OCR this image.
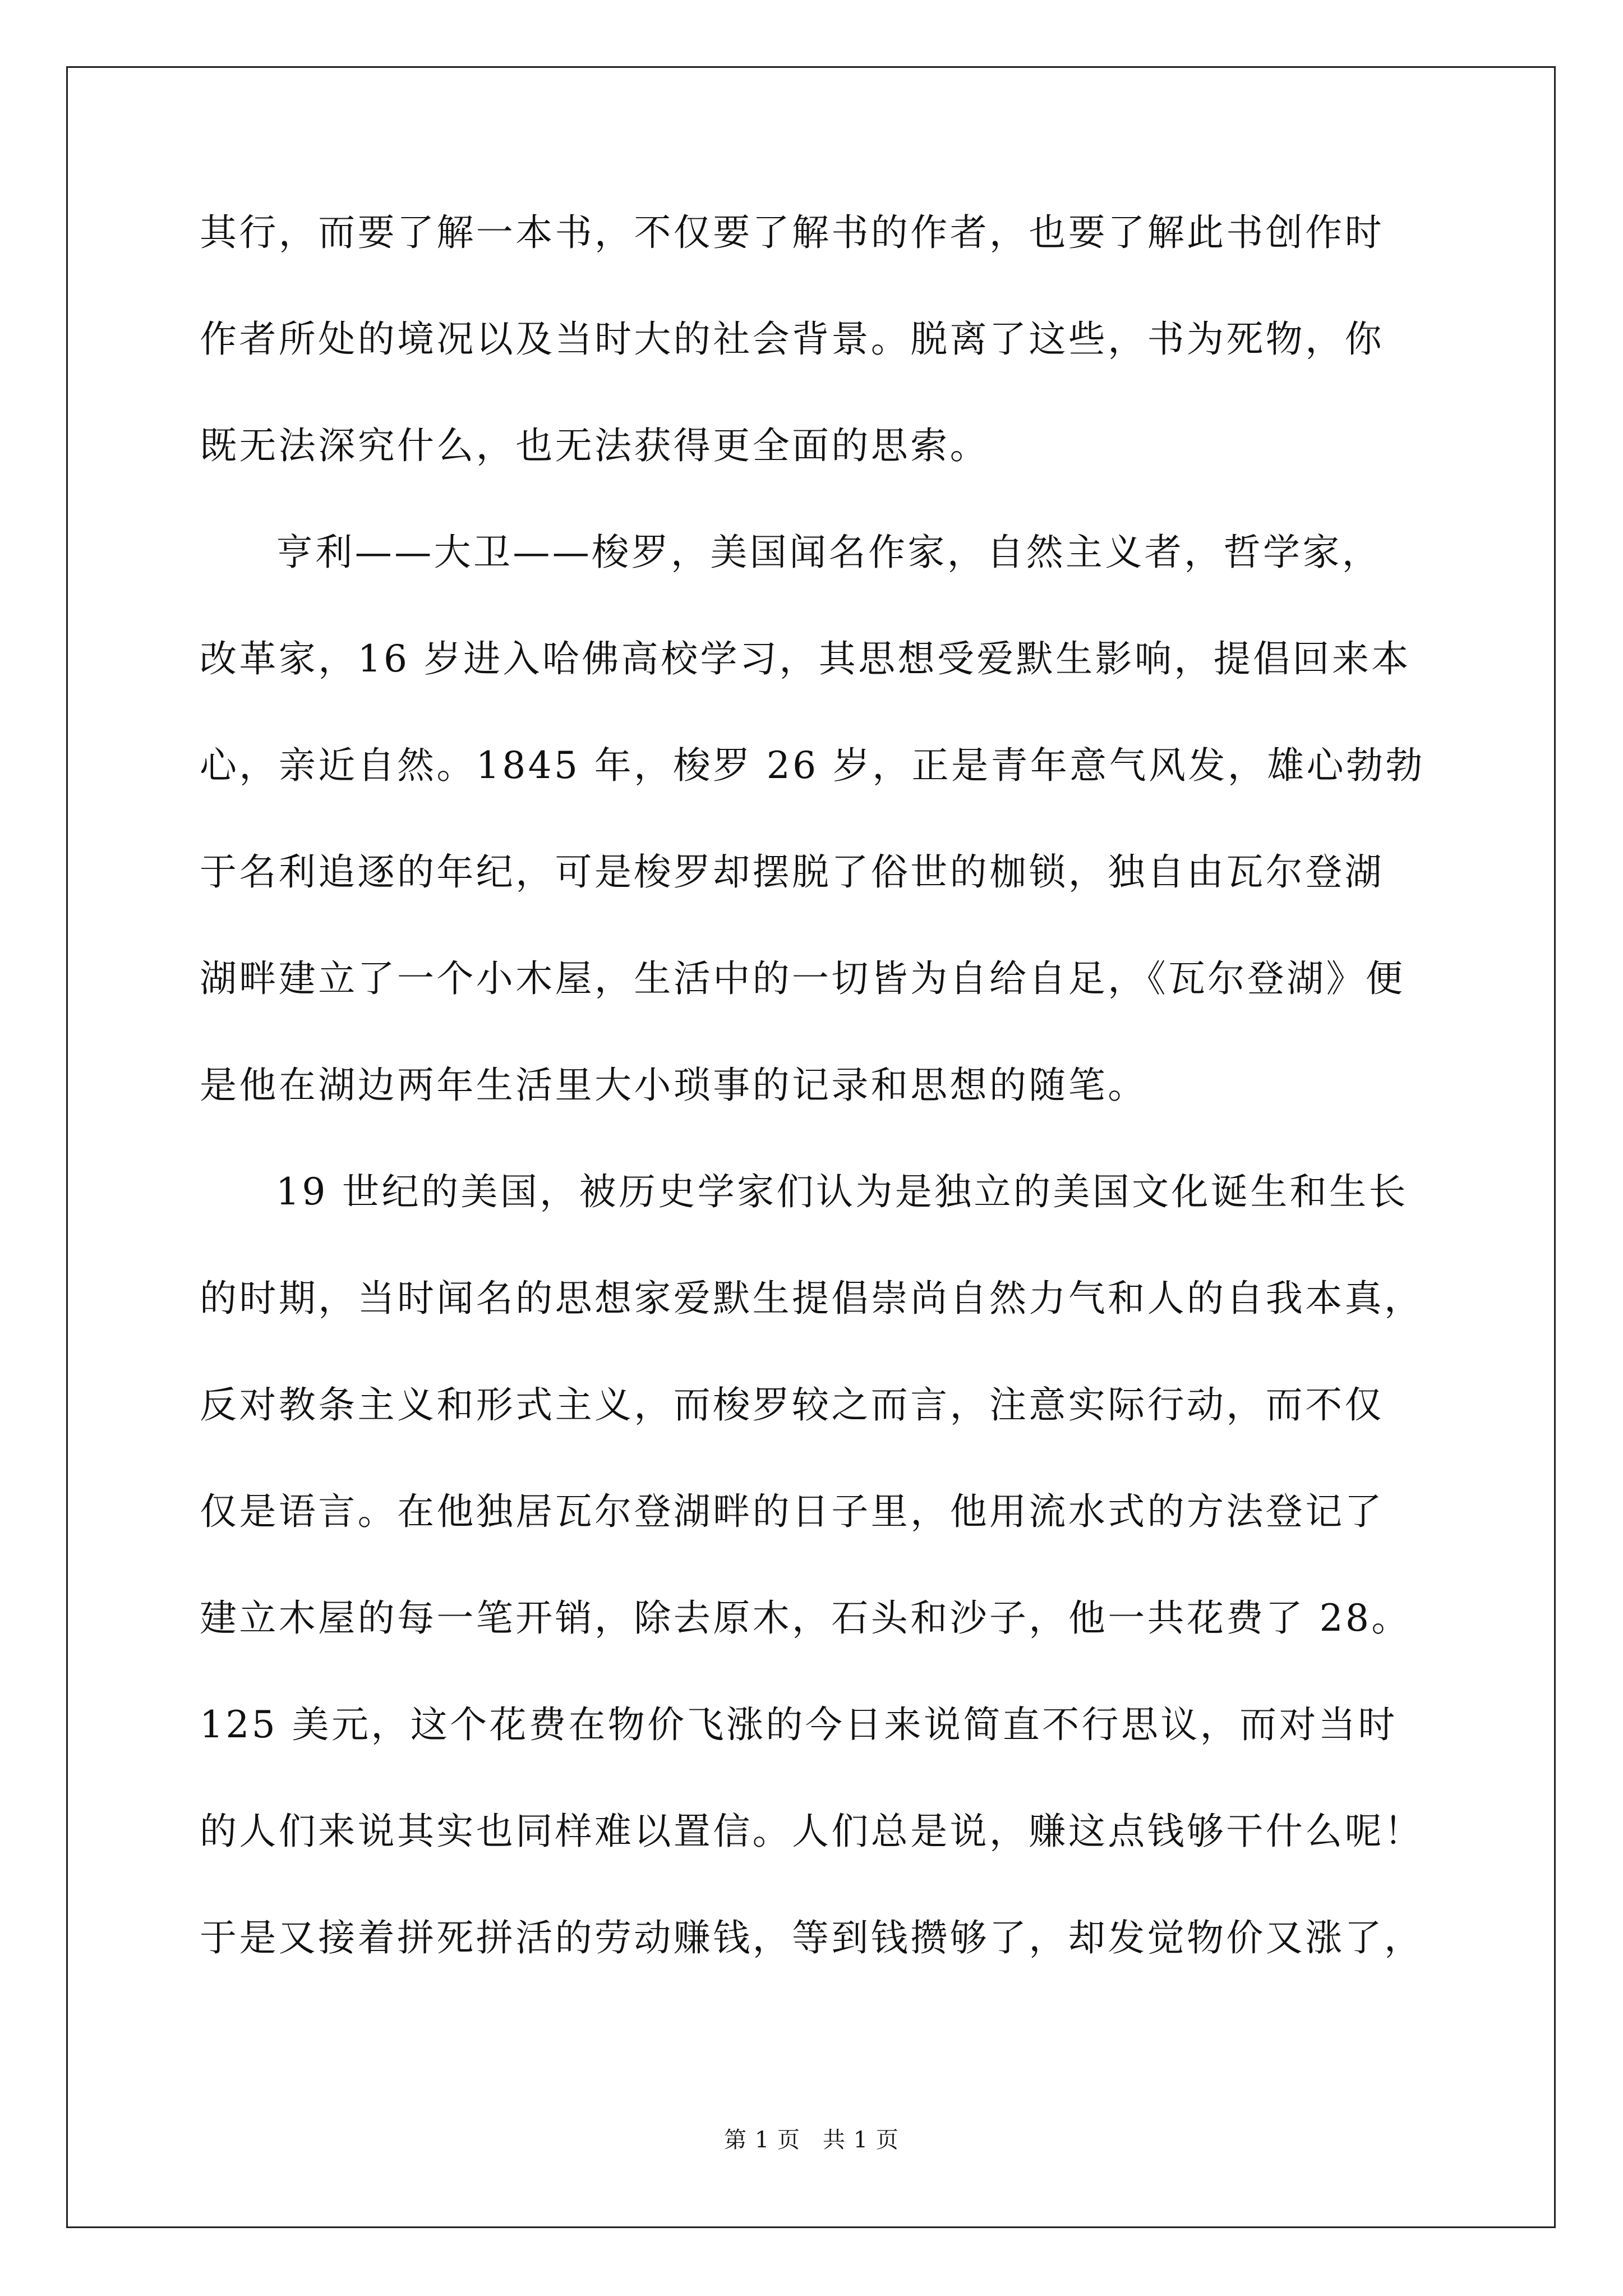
其行，而要了解一本书，不仅要了解书的作者，也要了解此书创作时
作者所处的境况以及当时大的社会背景。脱离了这些，书为死物，你
既无法深究什么，也无法获得更全面的思索。
亨利——大卫——梭罗，美国闻名作家，自然主义者，哲学家，
改革家，16 岁进入哈佛高校学习，其思想受爱默生影响，提倡回来本
心，亲近自然。1845 年，梭罗 26 岁，正是青年意气风发，雄心勃勃
于名利追逐的年纪，可是梭罗却摆脱了俗世的枷锁，独自由瓦尔登湖
湖畔建立了一个小木屋，生活中的一切皆为自给自足，《瓦尔登湖》便
是他在湖边两年生活里大小琐事的记录和思想的随笔。
19 世纪的美国，被历史学家们认为是独立的美国文化诞生和生长
的时期，当时闻名的思想家爱默生提倡崇尚自然力气和人的自我本真，
反对教条主义和形式主义，而梭罗较之而言，注意实际行动，而不仅
仅是语言。在他独居瓦尔登湖畔的日子里，他用流水式的方法登记了
建立木屋的每一笔开销，除去原木，石头和沙子，他一共花费了 28。
125 美元，这个花费在物价飞涨的今日来说简直不行思议，而对当时
的人们来说其实也同样难以置信。人们总是说，赚这点钱够干什么呢！
于是又接着拼死拼活的劳动赚钱，等到钱攒够了，却发觉物价又涨了，
第 1 页 共 1 页
